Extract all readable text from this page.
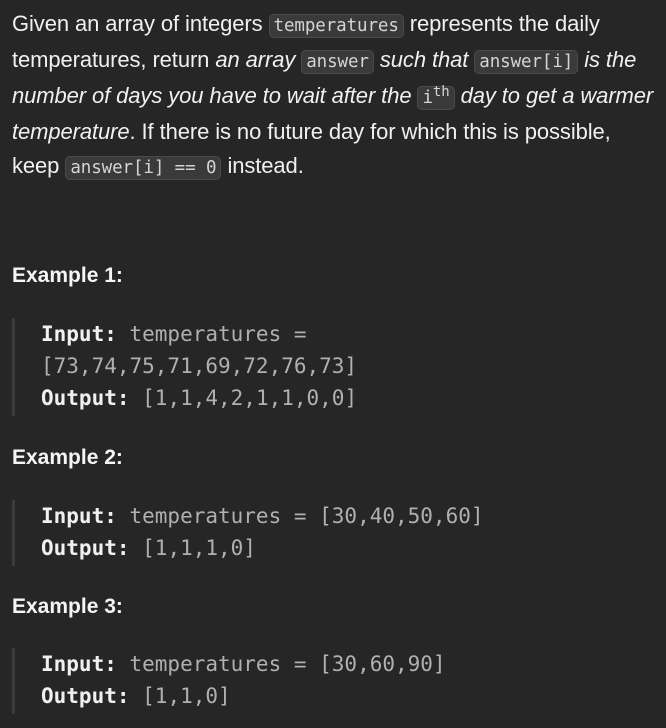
Given an array of integers temperatures represents the daily temperatures, return an array answer such that answer[i] is the number of days you have to wait after the $i^{th}$ day to get a warmer temperature. If there is no future day for which this is possible, keep answer[i] == 0 instead.

Example 1:
Input: temperatures =
[73,74,75,71,69,72,76,73]
Output: [1,1,4,2,1,1,0,0]
Example 2:
Input: temperatures = [30,40,50,60]
Output: [1,1,1,0]
Example 3:
Input: temperatures = [30,60,90]
Output: [1,1,0]
